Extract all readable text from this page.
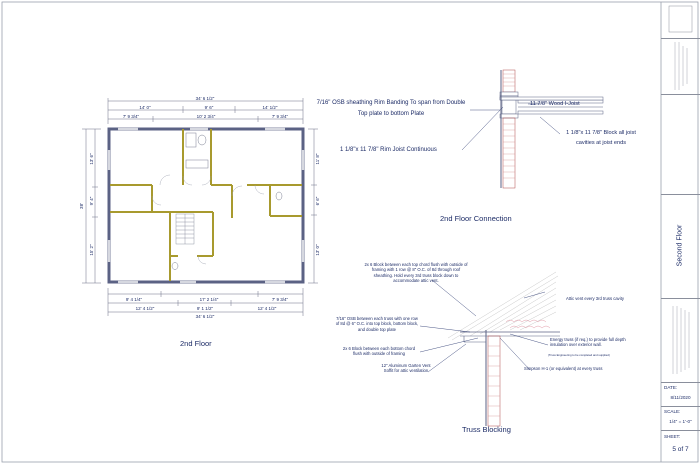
34' 6 1/2"
14' 0"	9' 6"	14' 1/2"
7' 9 3/4"	10' 2 3/4"	7' 9 3/4"
9' 4 1/4"	17' 2 1/4"	7' 9 3/4"
12' 4 1/2"	9' 1 1/2"	12' 4 1/2"
34' 6 1/2"
13' 6"
9' 4"
15' 2"
38'
11' 8"
6' 6"
13' 0"
2nd Floor
7/16" OSB sheathing Rim Banding To span from Double Top plate to bottom Plate
1 1/8"x 11 7/8" Rim Joist Continuous
11 7/8" Wood I-Joist
1 1/8"x 11 7/8" Block all joist cavities at joist ends
2nd Floor Connection
2x 6 Block between each top chord flush with outside of framing with 1 row @ 8" O.C. of 8d through roof sheathing. Hold every 3rd truss block down to accommodate attic vent.
Attic vent every 3rd truss cavity
7/16" OSB between each truss with one row of 8d @ 6" O.C. into top block, bottom block, and double top plate
2x 6 Block between each bottom chord flush with outside of framing
Energy truss (if req.) to provide full depth insulation over exterior wall.
(Truss Engineering to be completed and supplied)
12" Aluminum Garten Vent Soffit for attic ventilation	Simpson H-1 (or equivalent) at every truss
Truss Blocking
Second Floor
DATE:
8/11/2020
SCALE:
1/4" = 1'-0"
SHEET:
5 of 7
